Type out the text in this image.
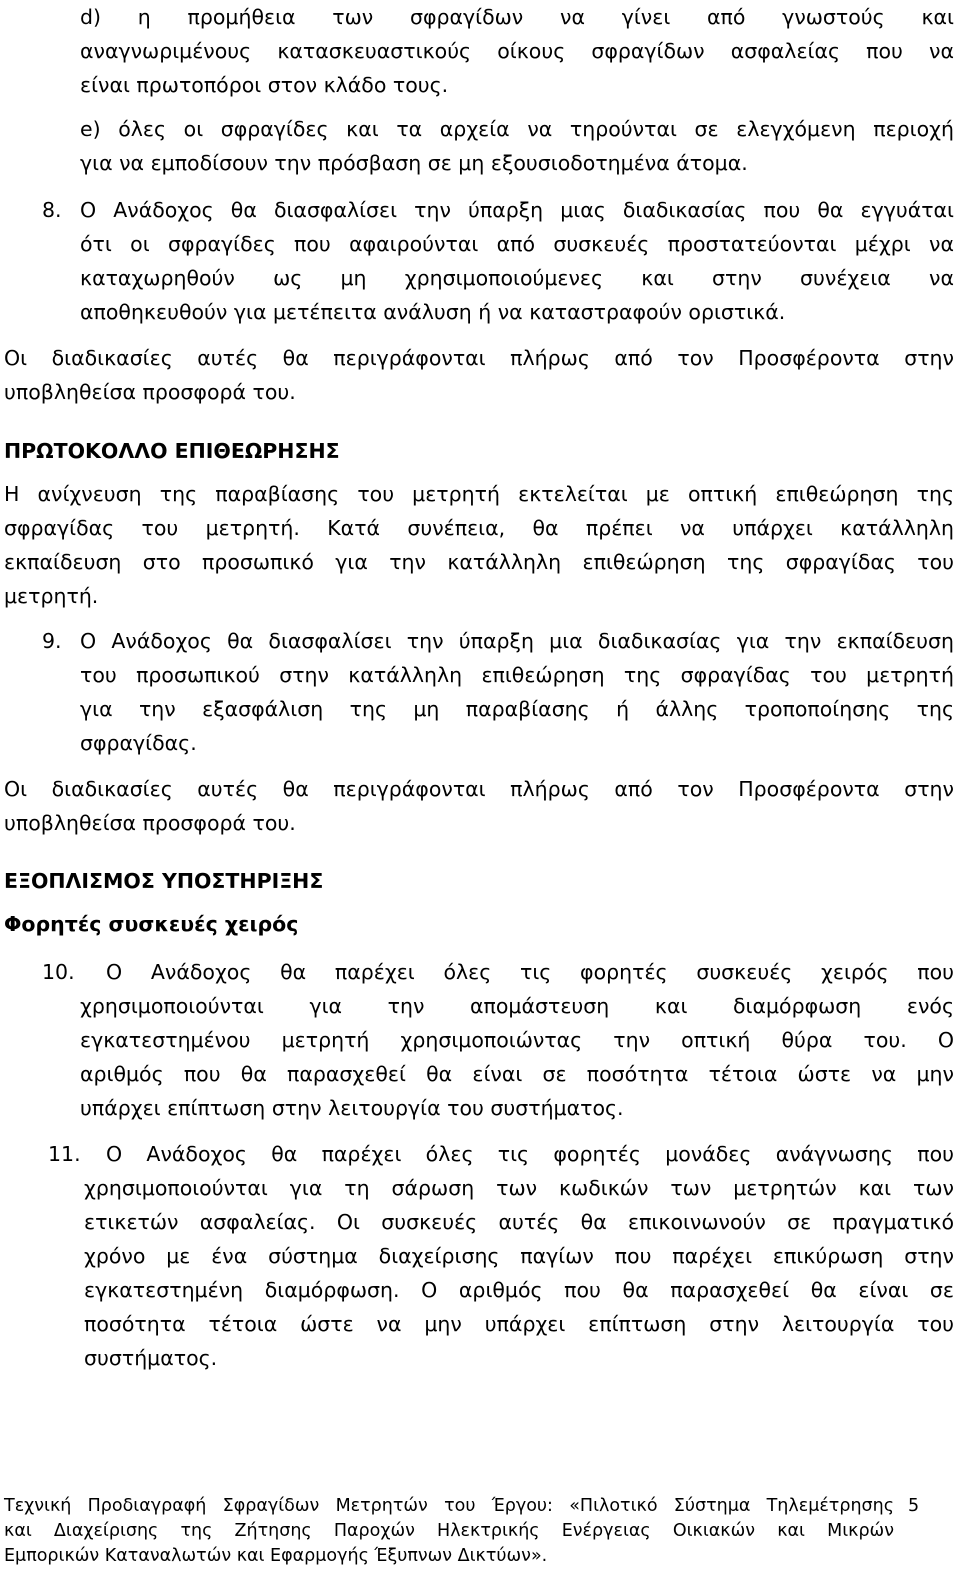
d) η προμήθεια των σφραγίδων να γίνει από γνωστούς και
αναγνωριμένους κατασκευαστικούς οίκους σφραγίδων ασφαλείας που να
είναι πρωτοπόροι στον κλάδο τους.
e) όλες οι σφραγίδες και τα αρχεία να τηρούνται σε ελεγχόμενη περιοχή
για να εμποδίσουν την πρόσβαση σε μη εξουσιοδοτημένα άτομα.
8. Ο Ανάδοχος θα διασφαλίσει την ύπαρξη μιας διαδικασίας που θα εγγυάται
ότι οι σφραγίδες που αφαιρούνται από συσκευές προστατεύονται μέχρι να
καταχωρηθούν ως μη χρησιμοποιούμενες και στην συνέχεια να
αποθηκευθούν για μετέπειτα ανάλυση ή να καταστραφούν οριστικά.
Οι διαδικασίες αυτές θα περιγράφονται πλήρως από τον Προσφέροντα στην
υποβληθείσα προσφορά του.
ΠΡΩΤΟΚΟΛΛΟ ΕΠΙΘΕΩΡΗΣΗΣ
Η ανίχνευση της παραβίασης του μετρητή εκτελείται με οπτική επιθεώρηση της
σφραγίδας του μετρητή. Κατά συνέπεια, θα πρέπει να υπάρχει κατάλληλη
εκπαίδευση στο προσωπικό για την κατάλληλη επιθεώρηση της σφραγίδας του
μετρητή.
9. Ο Ανάδοχος θα διασφαλίσει την ύπαρξη μια διαδικασίας για την εκπαίδευση
του προσωπικού στην κατάλληλη επιθεώρηση της σφραγίδας του μετρητή
για την εξασφάλιση της μη παραβίασης ή άλλης τροποποίησης της
σφραγίδας.
Οι διαδικασίες αυτές θα περιγράφονται πλήρως από τον Προσφέροντα στην
υποβληθείσα προσφορά του.
ΕΞΟΠΛΙΣΜΟΣ ΥΠΟΣΤΗΡΙΞΗΣ
Φορητές συσκευές χειρός
10.	Ο Ανάδοχος θα παρέχει όλες τις φορητές συσκευές χειρός που
χρησιμοποιούνται για την απομάστευση και διαμόρφωση ενός
εγκατεστημένου μετρητή χρησιμοποιώντας την οπτική θύρα του. Ο
αριθμός που θα παρασχεθεί θα είναι σε ποσότητα τέτοια ώστε να μην
υπάρχει επίπτωση στην λειτουργία του συστήματος.
11.	Ο Ανάδοχος θα παρέχει όλες τις φορητές μονάδες ανάγνωσης που
χρησιμοποιούνται για τη σάρωση των κωδικών των μετρητών και των
ετικετών ασφαλείας. Οι συσκευές αυτές θα επικοινωνούν σε πραγματικό
χρόνο με ένα σύστημα διαχείρισης παγίων που παρέχει επικύρωση στην
εγκατεστημένη διαμόρφωση. Ο αριθμός που θα παρασχεθεί θα είναι σε
ποσότητα τέτοια ώστε να μην υπάρχει επίπτωση στην λειτουργία του
συστήματος.
Τεχνική Προδιαγραφή Σφραγίδων Μετρητών του Έργου: «Πιλοτικό Σύστημα Τηλεμέτρησης
και Διαχείρισης της Ζήτησης Παροχών Ηλεκτρικής Ενέργειας Οικιακών και Μικρών
Εμπορικών Καταναλωτών και Εφαρμογής Έξυπνων Δικτύων».
5
